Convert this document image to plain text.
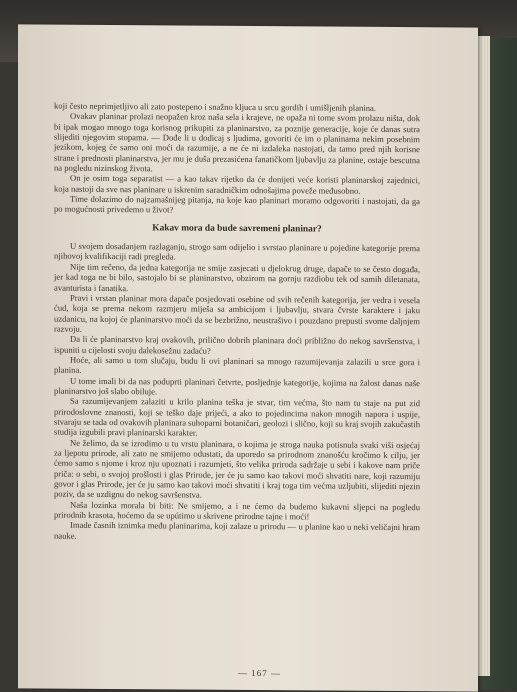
koji često neprimjetljivo ali zato postepeno i snažno kljuca u srcu gordih i umišljenih planina.

Ovakav planinar prolazi neopažen kroz naša sela i krajeve, ne opaža ni tome svom prolazu ništa, dok bi ipak mogao mnogo toga korisnog prikupiti za planinarstvo, za poznije generacije, koje će danas sutra slijediti njegovim stopama. — Dođe li u dodicaj s ljudima, govoriti će im o planinama nekim posebnim jezikom, kojeg će samo oni moći da razumije, a ne će ni izdaleka nastojati, da tamo pred njih korisne strane i prednosti planinarstva, jer mu je duša prezasićena fanatičkom ljubavlju za planine, ostaje bescutna na pogledu nizinskog života.

On je osim toga separatist — a kao takav rijetko da će donijeti veće koristi planinarskoj zajednici, koja nastoji da sve nas planinare u iskrenim saradničkim odnošajima poveže međusobno.

Time dolazimo do najzamašnijeg pitanja, na koje kao planinari moramo odgovoriti i nastojati, da ga po mogućnosti privedemo u život?

Kakav mora da bude savremeni planinar?

U svojem dosadanjem razlaganju, strogo sam odijelio i svrstao planinare u pojedine kategorije prema njihovoj kvalifikaciji radi pregleda.

Nije tim rečeno, da jedna kategorija ne smije zasjecati u djelokrug druge, dapače to se često događa, jer kad toga ne bi bilo, sastojalo bi se planinarstvo, obzirom na gornju razdiobu tek od samih diletanata, avanturista i fanatika.

Pravi i vrstan planinar mora dapače posjedovati osebine od svih rečenih kategorija, jer vedra i vesela ćud, koja se prema nekom razmjeru miješa sa ambicijom i ljubavlju, stvara čvrste karaktere i jaku uzdanicu, na kojoj će planinarstvo moći da se bezbrižno, neustrašivo i pouzdano prepusti svome daljnjem razvoju.

Da li će planinarstvo kraj ovakovih, prilično dobrih planinara doći približno do nekog savršenstva, i ispuniti u cijelosti svoju dalekosežnu zadaću?

Hoće, ali samo u tom slučaju, budu li ovi planinari sa mnogo razumijevanja zalazili u srce gora i planina.

U tome imali bi da nas poduprti planinari četvrte, posljednje kategorije, kojima na žalost danas naše planinarstvo još slabo obiluje.

Sa razumijevanjem zalaziti u krilo planina teška je stvar, tim većma, što nam tu staje na put zid prirodoslovne znanosti, koji se teško daje prijeći, a ako to pojedincima nakon mnogih napora i uspije, stvaraju se tada od ovakovih planinara suhoparni botaničari, geolozi i slično, koji su kraj svojih zakučastih studija izgubili pravi planinarski karakter.

Ne želimo, da se izrodimo u tu vrstu planinara, o kojima je stroga nauka potisnula svaki viši osjećaj za ljepotu prirode, ali zato ne smijemo odustati, da uporedo sa prirodnom znanošću kročimo k cilju, jer ćemo samo s njome i kroz nju upoznati i razumjeti, što velika priroda sadržaje u sebi i kakove nam priče priča: o sebi, o svojoj prošlosti i glas Prirode, jer će ju samo kao takovi moći shvatiti nare, koji razumiju govor i glas Prirode, jer će ju samo kao takovi moći shvatiti i kraj toga tim većma uzljubiti, slijediti njezin poziv, da se uzdignu do nekog savršenstva.

Naša lozinka morala bi biti: Ne smijemo, a i ne ćemo da budemo kukavni sljepci na pogledu prirodnih krasota, hoćemo da se upútimo u skrivene prirodne tajne i moći!

Imade časnih iznimka među planinarima, koji zalaze u prirodu — u planine kao u neki veličajni hram nauke.

— 167 —
